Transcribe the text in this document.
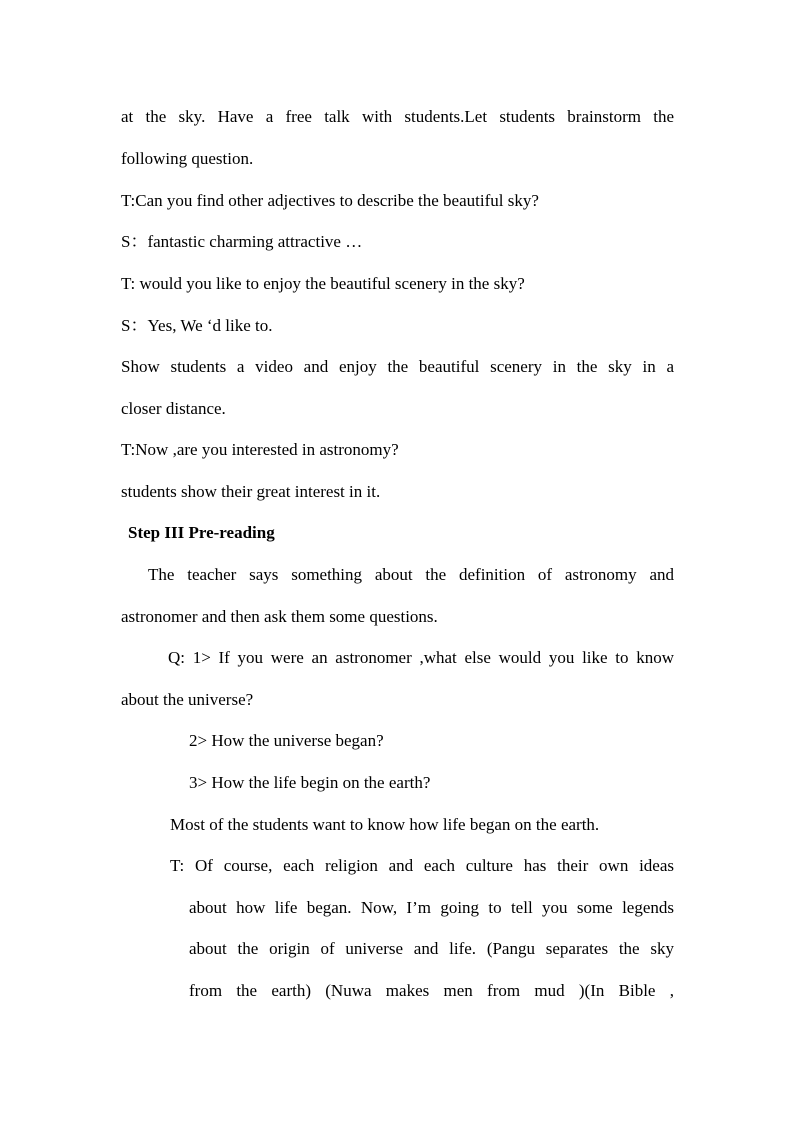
at the sky. Have a free talk with students.Let students brainstorm the
following question.
T:Can you find other adjectives to describe the beautiful sky?
S：fantastic charming attractive …
T: would you like to enjoy the beautiful scenery in the sky?
S：Yes, We ‘d like to.
Show students a video and enjoy the beautiful scenery in the sky in a
closer distance.
T:Now ,are you interested in astronomy?
students show their great interest in it.
Step III Pre-reading
The teacher says something about the definition of astronomy and
astronomer and then ask them some questions.
Q: 1> If you were an astronomer ,what else would you like to know
about the universe?
2> How the universe began?
3> How the life begin on the earth?
Most of the students want to know how life began on the earth.
T: Of course, each religion and each culture has their own ideas
about how life began. Now, I’m going to tell you some legends
about the origin of universe and life. (Pangu separates the sky
from the earth) (Nuwa makes men from mud )(In Bible ,
